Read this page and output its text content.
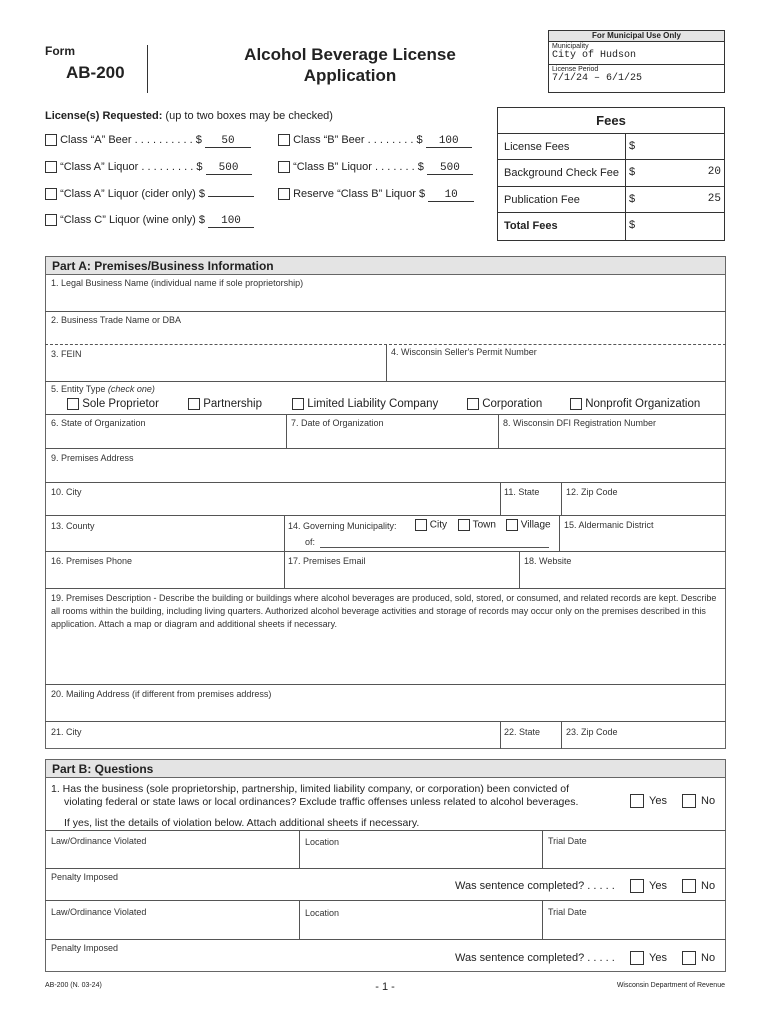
Form
AB-200
Alcohol Beverage License
Application
For Municipal Use Only
Municipality
City of Hudson
License Period
7/1/24 – 6/1/25
License(s) Requested: (up to two boxes may be checked)
Class “A” Beer . . . . . . . . . . $ 50
“Class A” Liquor . . . . . . . . . $ 500
“Class A” Liquor (cider only) $
“Class C” Liquor (wine only) $ 100
Class “B” Beer . . . . . . . . $ 100
“Class B” Liquor . . . . . . . $ 500
Reserve “Class B” Liquor $ 10
Fees
License Fees	$
Background Check Fee $	20
Publication Fee	$	25
Total Fees	$
Part A: Premises/Business Information
1. Legal Business Name (individual name if sole proprietorship)
2. Business Trade Name or DBA
3. FEIN	4. Wisconsin Seller's Permit Number
5. Entity Type (check one)
Sole Proprietor	Partnership	Limited Liability Company	Corporation	Nonprofit Organization
6. State of Organization	7. Date of Organization	8. Wisconsin DFI Registration Number
9. Premises Address
10. City	11. State	12. Zip Code
13. County	14. Governing Municipality:	City	Town	Village
of:
15. Aldermanic District
16. Premises Phone	17. Premises Email	18. Website
19. Premises Description - Describe the building or buildings where alcohol beverages are produced, sold, stored, or consumed, and related records are kept. Describe all rooms within the building, including living quarters. Authorized alcohol beverage activities and storage of records may occur only on the premises described in this application. Attach a map or diagram and additional sheets if necessary.
20. Mailing Address (if different from premises address)
21. City	22. State	23. Zip Code
Part B: Questions
1. Has the business (sole proprietorship, partnership, limited liability company, or corporation) been convicted of
violating federal or state laws or local ordinances? Exclude traffic offenses unless related to alcohol beverages.	Yes	No
If yes, list the details of violation below. Attach additional sheets if necessary.
Law/Ordinance Violated	Location	Trial Date
Penalty Imposed
Was sentence completed? . . . . .	Yes	No
Law/Ordinance Violated	Location	Trial Date
Penalty Imposed
Was sentence completed? . . . . .	Yes	No
AB-200 (N. 03-24)	- 1 -	Wisconsin Department of Revenue
